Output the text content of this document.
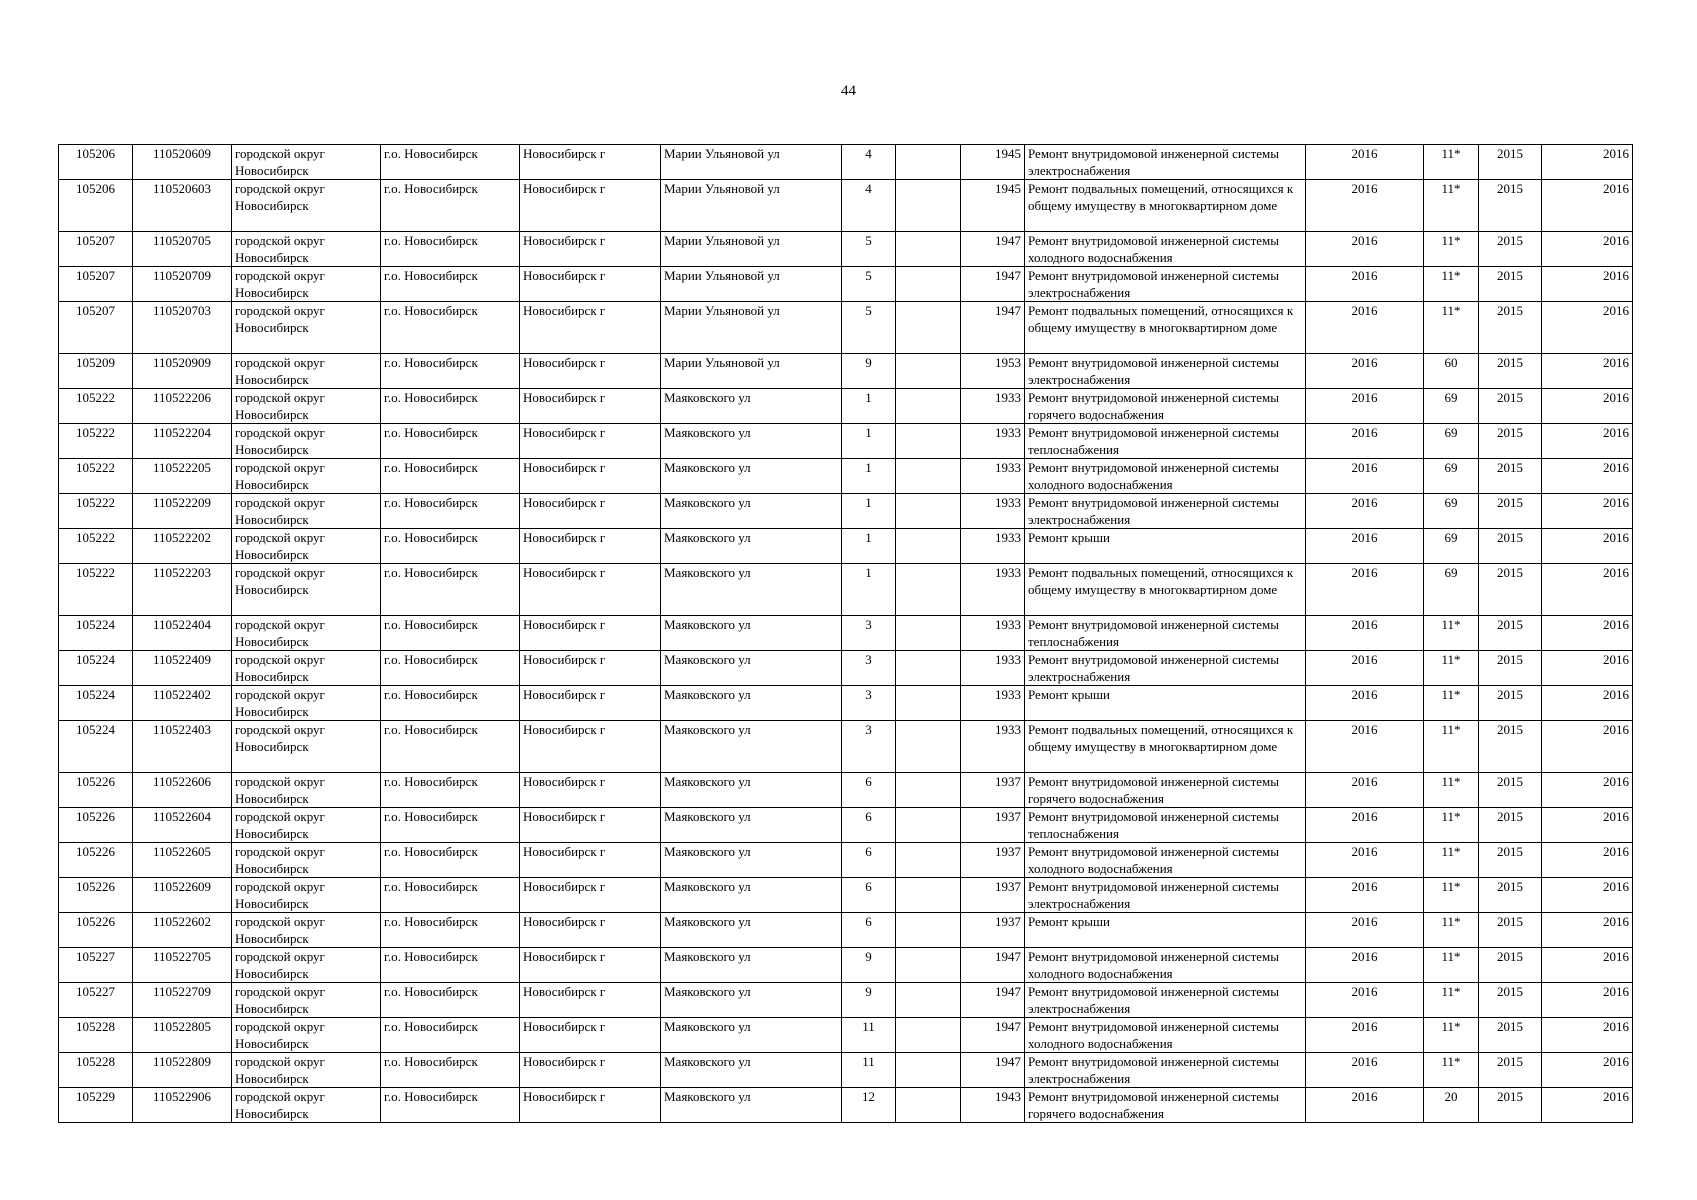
44
105206	110520609	городской округ Новосибирск	г.о. Новосибирск	Новосибирск г	Марии Ульяновой ул	4		1945	Ремонт внутридомовой инженерной системы электроснабжения	2016	11*	2015	2016
105206	110520603	городской округ Новосибирск	г.о. Новосибирск	Новосибирск г	Марии Ульяновой ул	4		1945	Ремонт подвальных помещений, относящихся к общему имуществу в многоквартирном доме	2016	11*	2015	2016
105207	110520705	городской округ Новосибирск	г.о. Новосибирск	Новосибирск г	Марии Ульяновой ул	5		1947	Ремонт внутридомовой инженерной системы холодного водоснабжения	2016	11*	2015	2016
105207	110520709	городской округ Новосибирск	г.о. Новосибирск	Новосибирск г	Марии Ульяновой ул	5		1947	Ремонт внутридомовой инженерной системы электроснабжения	2016	11*	2015	2016
105207	110520703	городской округ Новосибирск	г.о. Новосибирск	Новосибирск г	Марии Ульяновой ул	5		1947	Ремонт подвальных помещений, относящихся к общему имуществу в многоквартирном доме	2016	11*	2015	2016
105209	110520909	городской округ Новосибирск	г.о. Новосибирск	Новосибирск г	Марии Ульяновой ул	9		1953	Ремонт внутридомовой инженерной системы электроснабжения	2016	60	2015	2016
105222	110522206	городской округ Новосибирск	г.о. Новосибирск	Новосибирск г	Маяковского ул	1		1933	Ремонт внутридомовой инженерной системы горячего водоснабжения	2016	69	2015	2016
105222	110522204	городской округ Новосибирск	г.о. Новосибирск	Новосибирск г	Маяковского ул	1		1933	Ремонт внутридомовой инженерной системы теплоснабжения	2016	69	2015	2016
105222	110522205	городской округ Новосибирск	г.о. Новосибирск	Новосибирск г	Маяковского ул	1		1933	Ремонт внутридомовой инженерной системы холодного водоснабжения	2016	69	2015	2016
105222	110522209	городской округ Новосибирск	г.о. Новосибирск	Новосибирск г	Маяковского ул	1		1933	Ремонт внутридомовой инженерной системы электроснабжения	2016	69	2015	2016
105222	110522202	городской округ Новосибирск	г.о. Новосибирск	Новосибирск г	Маяковского ул	1		1933	Ремонт крыши	2016	69	2015	2016
105222	110522203	городской округ Новосибирск	г.о. Новосибирск	Новосибирск г	Маяковского ул	1		1933	Ремонт подвальных помещений, относящихся к общему имуществу в многоквартирном доме	2016	69	2015	2016
105224	110522404	городской округ Новосибирск	г.о. Новосибирск	Новосибирск г	Маяковского ул	3		1933	Ремонт внутридомовой инженерной системы теплоснабжения	2016	11*	2015	2016
105224	110522409	городской округ Новосибирск	г.о. Новосибирск	Новосибирск г	Маяковского ул	3		1933	Ремонт внутридомовой инженерной системы электроснабжения	2016	11*	2015	2016
105224	110522402	городской округ Новосибирск	г.о. Новосибирск	Новосибирск г	Маяковского ул	3		1933	Ремонт крыши	2016	11*	2015	2016
105224	110522403	городской округ Новосибирск	г.о. Новосибирск	Новосибирск г	Маяковского ул	3		1933	Ремонт подвальных помещений, относящихся к общему имуществу в многоквартирном доме	2016	11*	2015	2016
105226	110522606	городской округ Новосибирск	г.о. Новосибирск	Новосибирск г	Маяковского ул	6		1937	Ремонт внутридомовой инженерной системы горячего водоснабжения	2016	11*	2015	2016
105226	110522604	городской округ Новосибирск	г.о. Новосибирск	Новосибирск г	Маяковского ул	6		1937	Ремонт внутридомовой инженерной системы теплоснабжения	2016	11*	2015	2016
105226	110522605	городской округ Новосибирск	г.о. Новосибирск	Новосибирск г	Маяковского ул	6		1937	Ремонт внутридомовой инженерной системы холодного водоснабжения	2016	11*	2015	2016
105226	110522609	городской округ Новосибирск	г.о. Новосибирск	Новосибирск г	Маяковского ул	6		1937	Ремонт внутридомовой инженерной системы электроснабжения	2016	11*	2015	2016
105226	110522602	городской округ Новосибирск	г.о. Новосибирск	Новосибирск г	Маяковского ул	6		1937	Ремонт крыши	2016	11*	2015	2016
105227	110522705	городской округ Новосибирск	г.о. Новосибирск	Новосибирск г	Маяковского ул	9		1947	Ремонт внутридомовой инженерной системы холодного водоснабжения	2016	11*	2015	2016
105227	110522709	городской округ Новосибирск	г.о. Новосибирск	Новосибирск г	Маяковского ул	9		1947	Ремонт внутридомовой инженерной системы электроснабжения	2016	11*	2015	2016
105228	110522805	городской округ Новосибирск	г.о. Новосибирск	Новосибирск г	Маяковского ул	11		1947	Ремонт внутридомовой инженерной системы холодного водоснабжения	2016	11*	2015	2016
105228	110522809	городской округ Новосибирск	г.о. Новосибирск	Новосибирск г	Маяковского ул	11		1947	Ремонт внутридомовой инженерной системы электроснабжения	2016	11*	2015	2016
105229	110522906	городской округ Новосибирск	г.о. Новосибирск	Новосибирск г	Маяковского ул	12		1943	Ремонт внутридомовой инженерной системы горячего водоснабжения	2016	20	2015	2016
